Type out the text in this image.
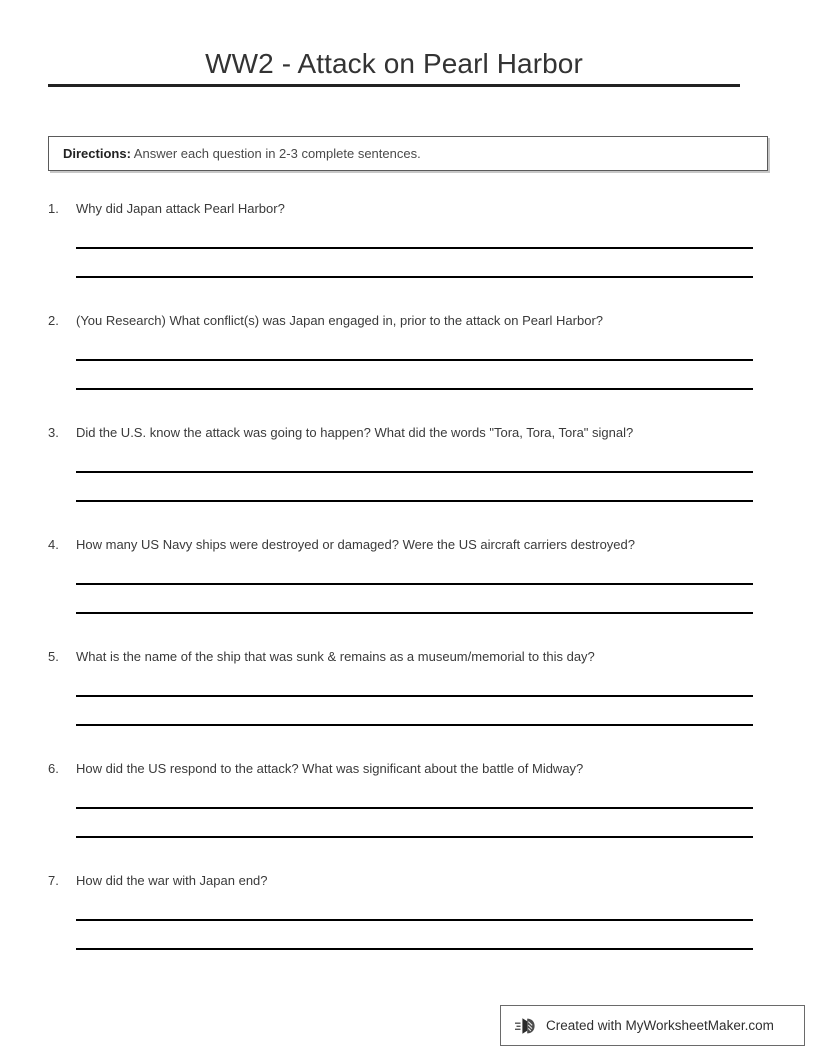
WW2 - Attack on Pearl Harbor
Directions: Answer each question in 2-3 complete sentences.
1.	Why did Japan attack Pearl Harbor?
2.	(You Research) What conflict(s) was Japan engaged in, prior to the attack on Pearl Harbor?
3.	Did the U.S. know the attack was going to happen? What did the words "Tora, Tora, Tora" signal?
4.	How many US Navy ships were destroyed or damaged? Were the US aircraft carriers destroyed?
5.	What is the name of the ship that was sunk & remains as a museum/memorial to this day?
6.	How did the US respond to the attack? What was significant about the battle of Midway?
7.	How did the war with Japan end?
Created with MyWorksheetMaker.com
